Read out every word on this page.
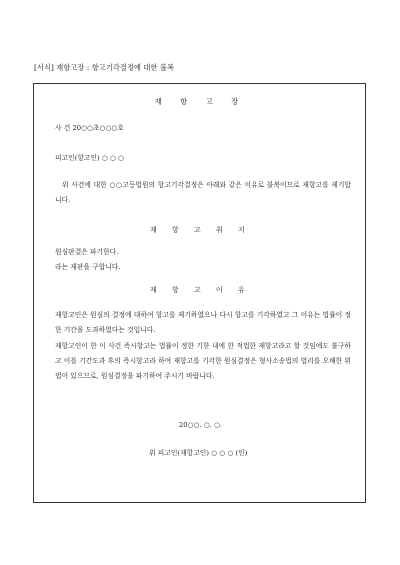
[서식] 재항고장 : 항고기각결정에 대한 불복
재 항 고 장
사 건 20○○초○○○호
피고인(항고인) ○ ○ ○
위 사건에 대한 ○○고등법원의 항고기각결정은 아래와 같은 이유로 불복이므로 재항고를 제기합니다.
재 항 고 취 지
원심판결은 파기한다.
라는 재판을 구합니다.
재 항 고 이 유
재항고인은 원심의 결정에 대하여 항고를 제기하였으나 다시 항고를 기각하였고 그 이유는 법률이 정한 기간을 도과하였다는 것입니다.
재항고인이 한 이 사건 즉시항고는 법률이 정한 기한 내에 한 적법한 재항고라고 할 것임에도 불구하고 이를 기간도과 후의 즉시항고라 하여 재항고를 기각한 원심결정은 형사소송법의 법리를 오해한 위법이 있으므로, 원심결정을 파기하여 주시기 바랍니다.
20○○. ○. ○.
위 피고인(재항고인) ○ ○ ○ (인)
